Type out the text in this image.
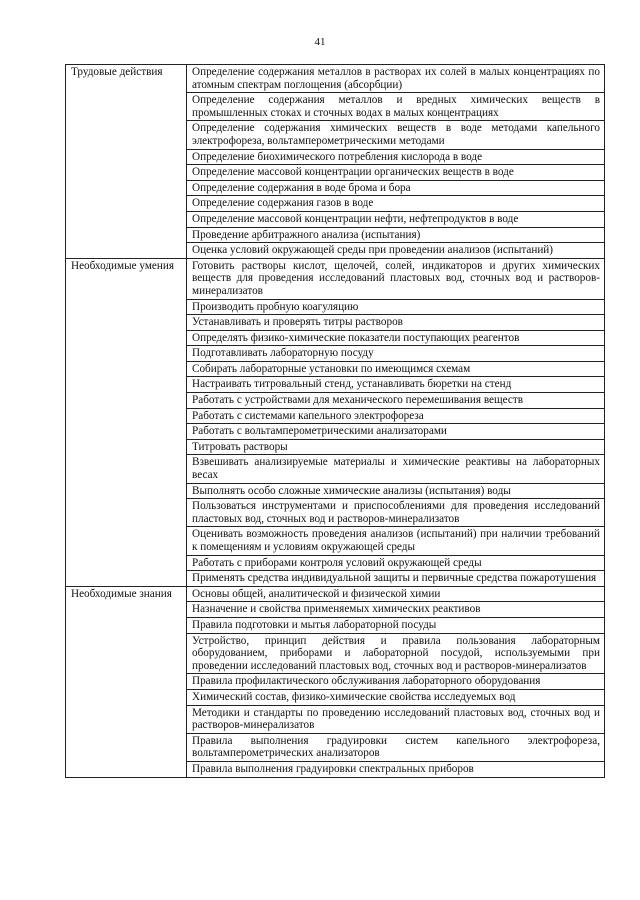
41
Трудовые действия	Определение содержания металлов в растворах их солей в малых концентрациях по атомным спектрам поглощения (абсорбции)
	Определение содержания металлов и вредных химических веществ в промышленных стоках и сточных водах в малых концентрациях
	Определение содержания химических веществ в воде методами капельного электрофореза, вольтамперометрическими методами
	Определение биохимического потребления кислорода в воде
	Определение массовой концентрации органических веществ в воде
	Определение содержания в воде брома и бора
	Определение содержания газов в воде
	Определение массовой концентрации нефти, нефтепродуктов в воде
	Проведение арбитражного анализа (испытания)
	Оценка условий окружающей среды при проведении анализов (испытаний)
Необходимые умения	Готовить растворы кислот, щелочей, солей, индикаторов и других химических веществ для проведения исследований пластовых вод, сточных вод и растворов-минерализатов
	Производить пробную коагуляцию
	Устанавливать и проверять титры растворов
	Определять физико-химические показатели поступающих реагентов
	Подготавливать лабораторную посуду
	Собирать лабораторные установки по имеющимся схемам
	Настраивать титровальный стенд, устанавливать бюретки на стенд
	Работать с устройствами для механического перемешивания веществ
	Работать с системами капельного электрофореза
	Работать с вольтамперометрическими анализаторами
	Титровать растворы
	Взвешивать анализируемые материалы и химические реактивы на лабораторных весах
	Выполнять особо сложные химические анализы (испытания) воды
	Пользоваться инструментами и приспособлениями для проведения исследований пластовых вод, сточных вод и растворов-минерализатов
	Оценивать возможность проведения анализов (испытаний) при наличии требований к помещениям и условиям окружающей среды
	Работать с приборами контроля условий окружающей среды
	Применять средства индивидуальной защиты и первичные средства пожаротушения
Необходимые знания	Основы общей, аналитической и физической химии
	Назначение и свойства применяемых химических реактивов
	Правила подготовки и мытья лабораторной посуды
	Устройство, принцип действия и правила пользования лабораторным оборудованием, приборами и лабораторной посудой, используемыми при проведении исследований пластовых вод, сточных вод и растворов-минерализатов
	Правила профилактического обслуживания лабораторного оборудования
	Химический состав, физико-химические свойства исследуемых вод
	Методики и стандарты по проведению исследований пластовых вод, сточных вод и растворов-минерализатов
	Правила выполнения градуировки систем капельного электрофореза, вольтамперометрических анализаторов
	Правила выполнения градуировки спектральных приборов
